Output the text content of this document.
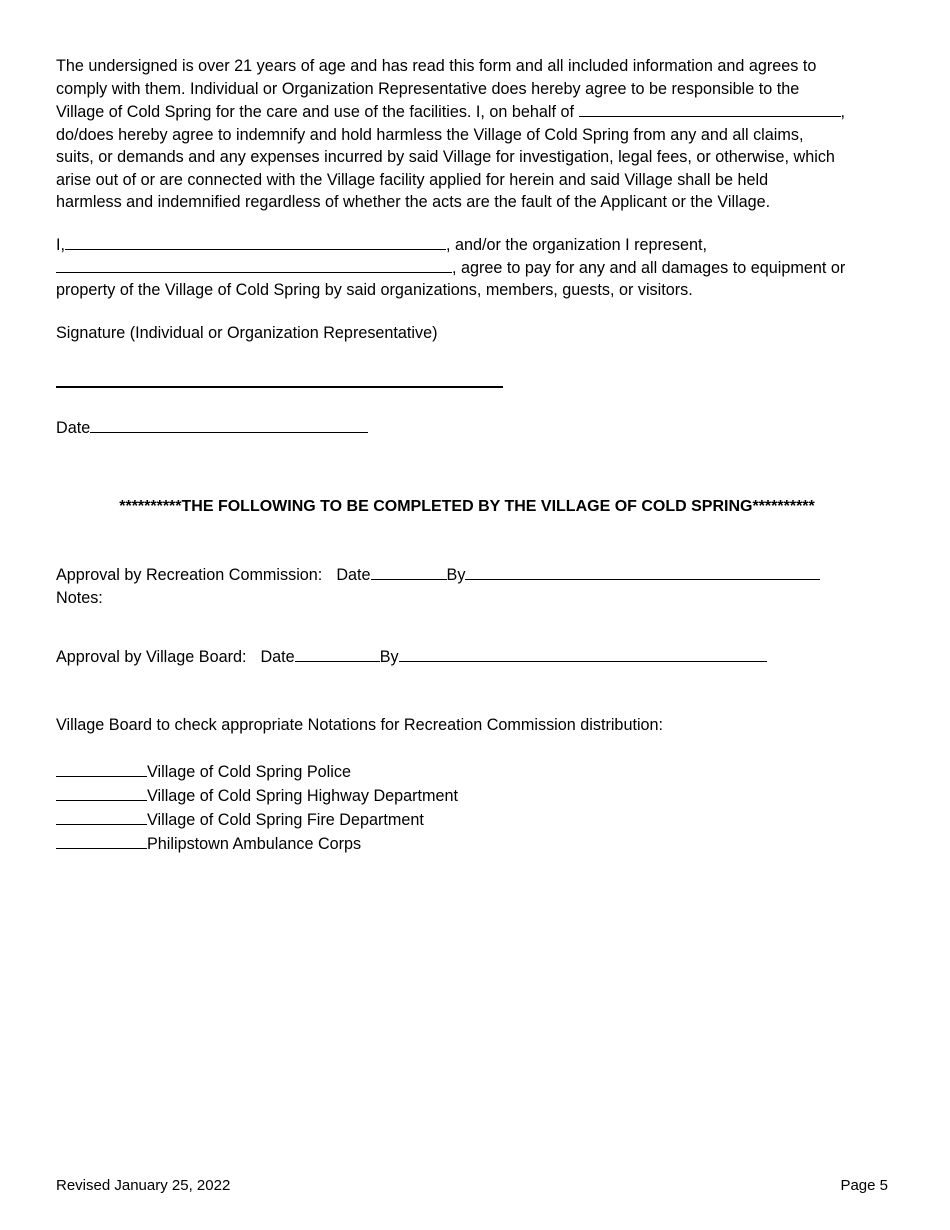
The undersigned is over 21 years of age and has read this form and all included information and agrees to
comply with them. Individual or Organization Representative does hereby agree to be responsible to the
Village of Cold Spring for the care and use of the facilities. I, on behalf of	,
do/does hereby agree to indemnify and hold harmless the Village of Cold Spring from any and all claims,
suits, or demands and any expenses incurred by said Village for investigation, legal fees, or otherwise, which
arise out of or are connected with the Village facility applied for herein and said Village shall be held
harmless and indemnified regardless of whether the acts are the fault of the Applicant or the Village.
I,	, and/or the organization I represent,
, agree to pay for any and all damages to equipment or
property of the Village of Cold Spring by said organizations, members, guests, or visitors.
Signature (Individual or Organization Representative)
Date
**********THE FOLLOWING TO BE COMPLETED BY THE VILLAGE OF COLD SPRING**********
Approval by Recreation Commission: Date	By
Notes:
Approval by Village Board: Date	By
Village Board to check appropriate Notations for Recreation Commission distribution:
Village of Cold Spring Police
Village of Cold Spring Highway Department
Village of Cold Spring Fire Department
Philipstown Ambulance Corps
Revised January 25, 2022	Page 5
